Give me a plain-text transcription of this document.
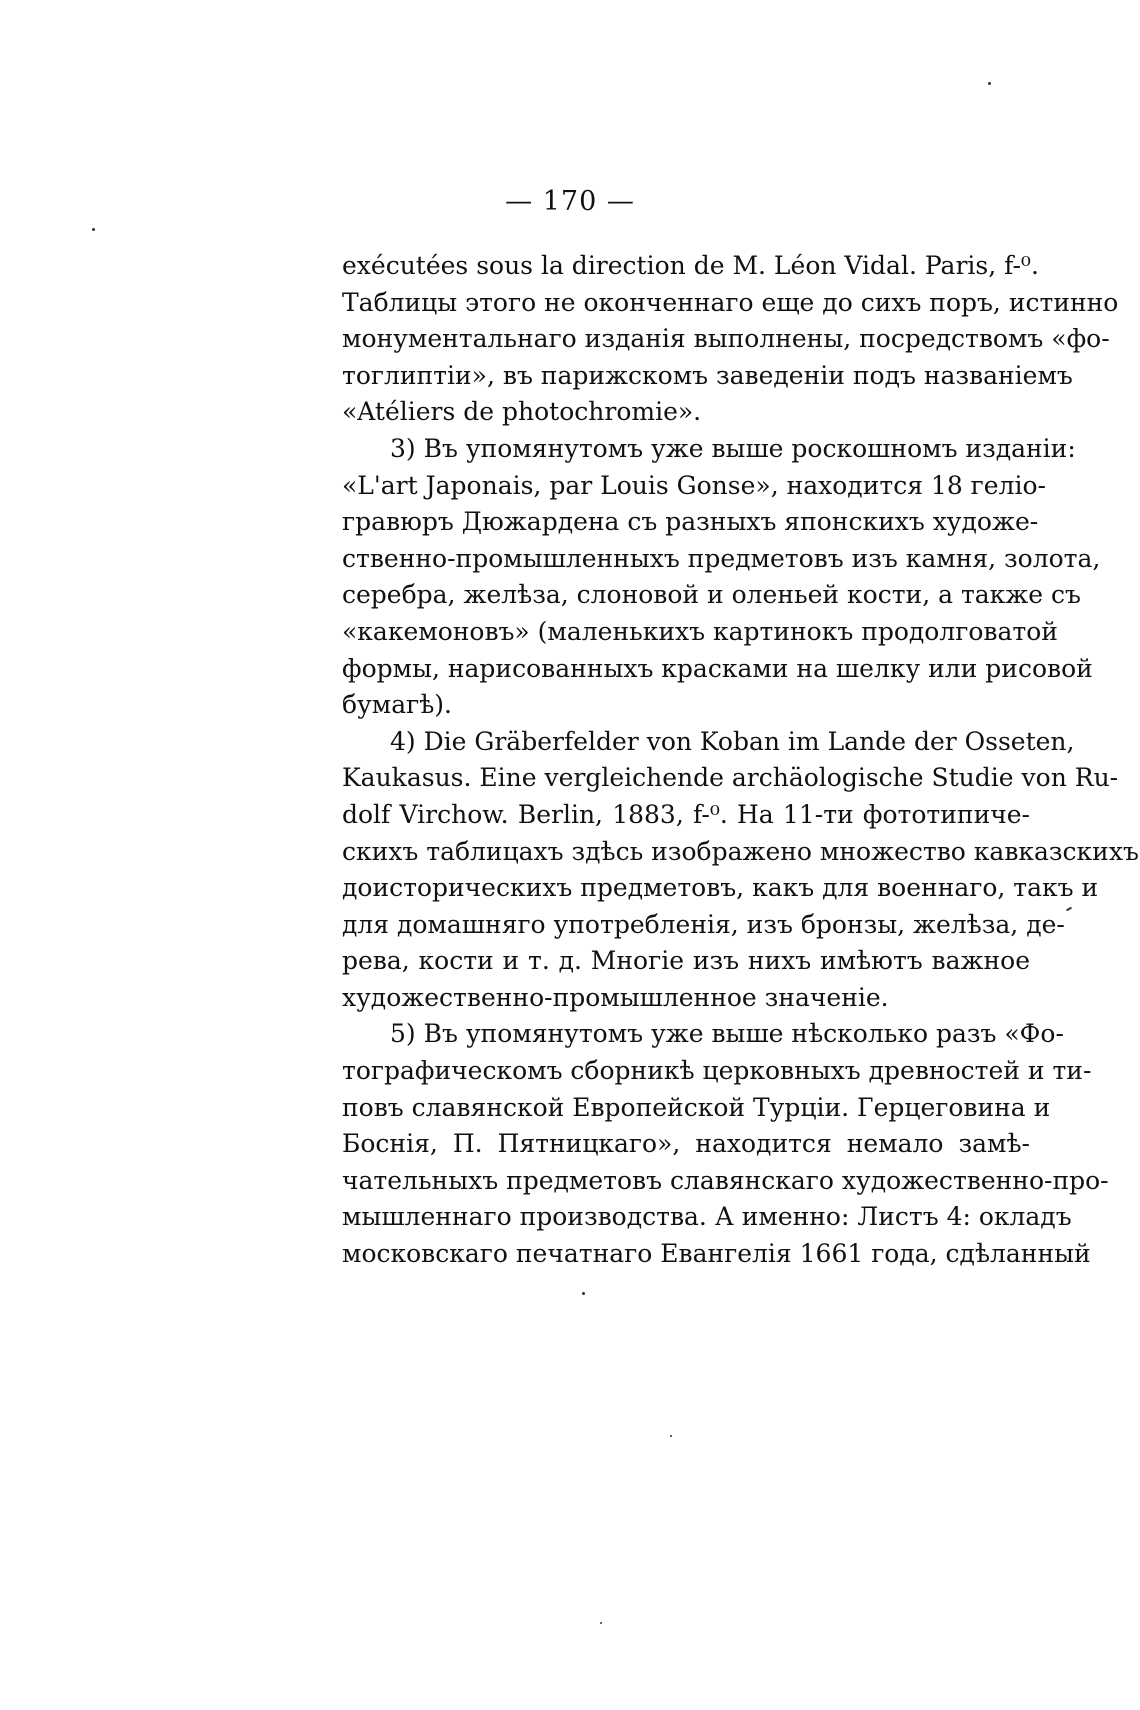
— 170 —
exécutées sous la direction de M. Léon Vidal. Paris, f-⁰.
Таблицы этого не оконченнаго еще до сихъ поръ, истинно
монументальнаго изданія выполнены, посредствомъ «фо-
тоглиптіи», въ парижскомъ заведеніи подъ названіемъ
«Atéliers de photochromie».
3) Въ упомянутомъ уже выше роскошномъ изданіи:
«L'art Japonais, par Louis Gonse», находится 18 геліо-
гравюръ Дюжардена съ разныхъ японскихъ художе-
ственно-промышленныхъ предметовъ изъ камня, золота,
серебра, желѣза, слоновой и оленьей кости, а также съ
«какемоновъ» (маленькихъ картинокъ продолговатой
формы, нарисованныхъ красками на шелку или рисовой
бумагѣ).
4) Die Gräberfelder von Koban im Lande der Osseten,
Kaukasus. Eine vergleichende archäologische Studie von Ru-
dolf Virchow. Berlin, 1883, f-⁰. На 11-ти фототипиче-
скихъ таблицахъ здѣсь изображено множество кавказскихъ
доисторическихъ предметовъ, какъ для военнаго, такъ и
для домашняго употребленія, изъ бронзы, желѣза, де-
рева, кости и т. д. Многіе изъ нихъ имѣютъ важное
художественно-промышленное значеніе.
5) Въ упомянутомъ уже выше нѣсколько разъ «Фо-
тографическомъ сборникѣ церковныхъ древностей и ти-
повъ славянской Европейской Турціи. Герцеговина и
Боснія, П. Пятницкаго», находится немало замѣ-
чательныхъ предметовъ славянскаго художественно-про-
мышленнаго производства. А именно: Листъ 4: окладъ
московскаго печатнаго Евангелія 1661 года, сдѣланный
